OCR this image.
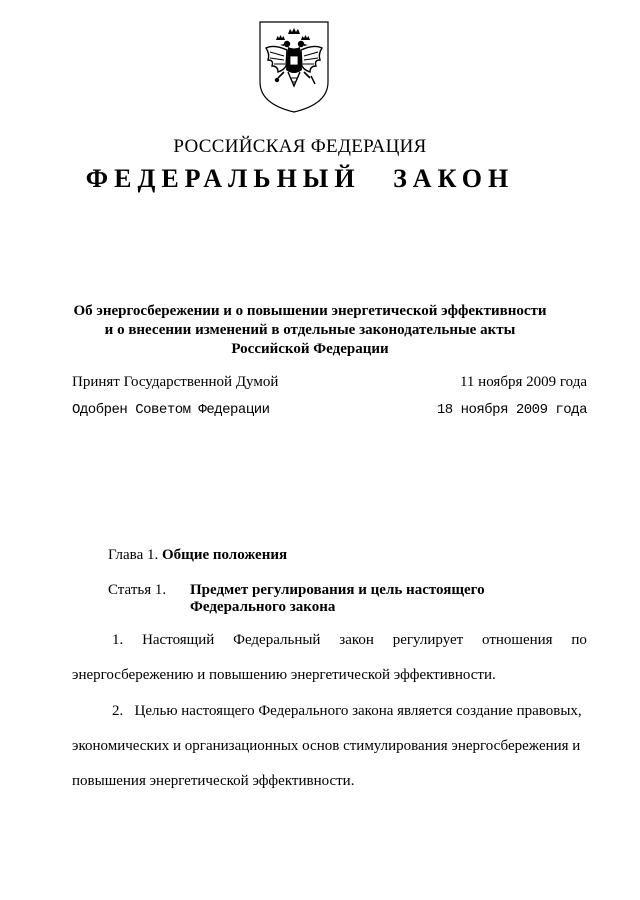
РОССИЙСКАЯ ФЕДЕРАЦИЯ
ФЕДЕРАЛЬНЫЙ ЗАКОН
Об энергосбережении и о повышении энергетической эффективности
и о внесении изменений в отдельные законодательные акты
Российской Федерации
Принят Государственной Думой	11 ноября 2009 года
Одобрен Советом Федерации	18 ноября 2009 года
Глава 1. Общие положения
Статья 1. Предмет регулирования и цель настоящего
Федерального закона
1. Настоящий Федеральный закон регулирует отношения по
энергосбережению и повышению энергетической эффективности.
2.   Целью настоящего Федерального закона является создание правовых,
экономических и организационных основ стимулирования энергосбережения и
повышения энергетической эффективности.
